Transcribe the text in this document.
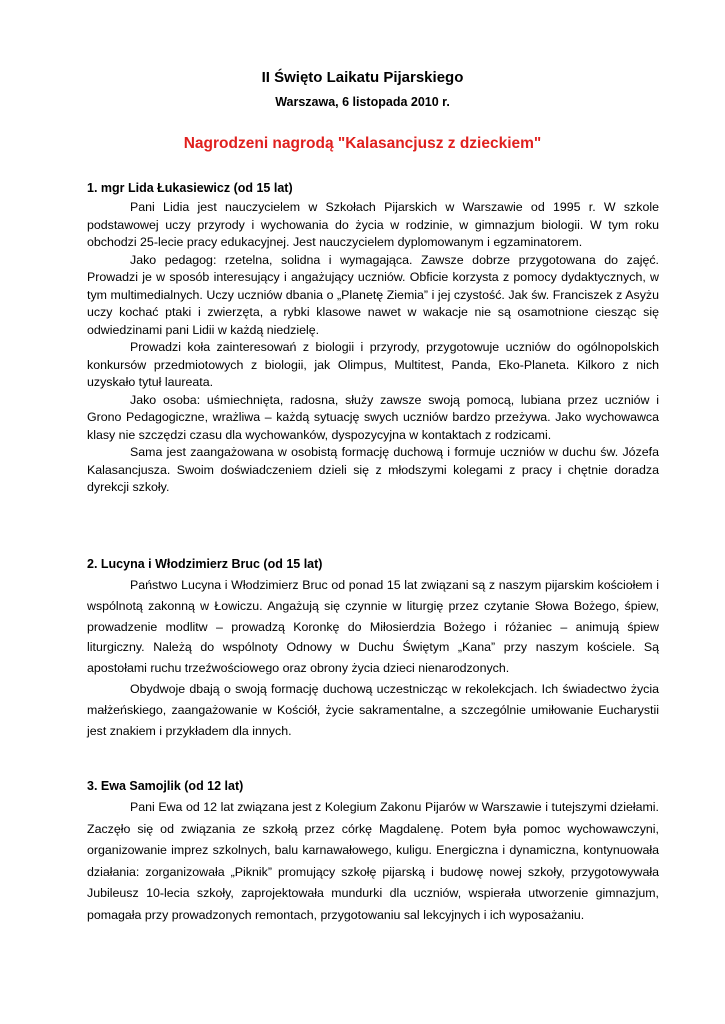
II Święto Laikatu Pijarskiego
Warszawa, 6 listopada 2010 r.
Nagrodzeni nagrodą "Kalasancjusz z dzieckiem"
1. mgr Lida Łukasiewicz (od 15 lat)

Pani Lidia jest nauczycielem w Szkołach Pijarskich w Warszawie od 1995 r. W szkole podstawowej uczy przyrody i wychowania do życia w rodzinie, w gimnazjum biologii. W tym roku obchodzi 25-lecie pracy edukacyjnej. Jest nauczycielem dyplomowanym i egzaminatorem.

Jako pedagog: rzetelna, solidna i wymagająca. Zawsze dobrze przygotowana do zajęć. Prowadzi je w sposób interesujący i angażujący uczniów. Obficie korzysta z pomocy dydaktycznych, w tym multimedialnych. Uczy uczniów dbania o „Planetę Ziemia” i jej czystość. Jak św. Franciszek z Asyżu uczy kochać ptaki i zwierzęta, a rybki klasowe nawet w wakacje nie są osamotnione ciesząc się odwiedzinami pani Lidii w każdą niedzielę.

Prowadzi koła zainteresowań z biologii i przyrody, przygotowuje uczniów do ogólnopolskich konkursów przedmiotowych z biologii, jak Olimpus, Multitest, Panda, Eko-Planeta. Kilkoro z nich uzyskało tytuł laureata.

Jako osoba: uśmiechnięta, radosna, służy zawsze swoją pomocą, lubiana przez uczniów i Grono Pedagogiczne, wrażliwa – każdą sytuację swych uczniów bardzo przeżywa. Jako wychowawca klasy nie szczędzi czasu dla wychowanków, dyspozycyjna w kontaktach z rodzicami.

Sama jest zaangażowana w osobistą formację duchową i formuje uczniów w duchu św. Józefa Kalasancjusza. Swoim doświadczeniem dzieli się z młodszymi kolegami z pracy i chętnie doradza dyrekcji szkoły.

2. Lucyna i Włodzimierz Bruc (od 15 lat)

Państwo Lucyna i Włodzimierz Bruc od ponad 15 lat związani są z naszym pijarskim kościołem i wspólnotą zakonną w Łowiczu. Angażują się czynnie w liturgię przez czytanie Słowa Bożego, śpiew, prowadzenie modlitw – prowadzą Koronkę do Miłosierdzia Bożego i różaniec – animują śpiew liturgiczny. Należą do wspólnoty Odnowy w Duchu Świętym „Kana” przy naszym kościele. Są apostołami ruchu trzeźwościowego oraz obrony życia dzieci nienarodzonych.

Obydwoje dbają o swoją formację duchową uczestnicząc w rekolekcjach. Ich świadectwo życia małżeńskiego, zaangażowanie w Kościół, życie sakramentalne, a szczególnie umiłowanie Eucharystii jest znakiem i przykładem dla innych.

3. Ewa Samojlik (od 12 lat)

Pani Ewa od 12 lat związana jest z Kolegium Zakonu Pijarów w Warszawie i tutejszymi dziełami. Zaczęło się od związania ze szkołą przez córkę Magdalenę. Potem była pomoc wychowawczyni, organizowanie imprez szkolnych, balu karnawałowego, kuligu. Energiczna i dynamiczna, kontynuowała działania: zorganizowała „Piknik” promujący szkołę pijarską i budowę nowej szkoły, przygotowywała Jubileusz 10-lecia szkoły, zaprojektowała mundurki dla uczniów, wspierała utworzenie gimnazjum, pomagała przy prowadzonych remontach, przygotowaniu sal lekcyjnych i ich wyposażaniu.
